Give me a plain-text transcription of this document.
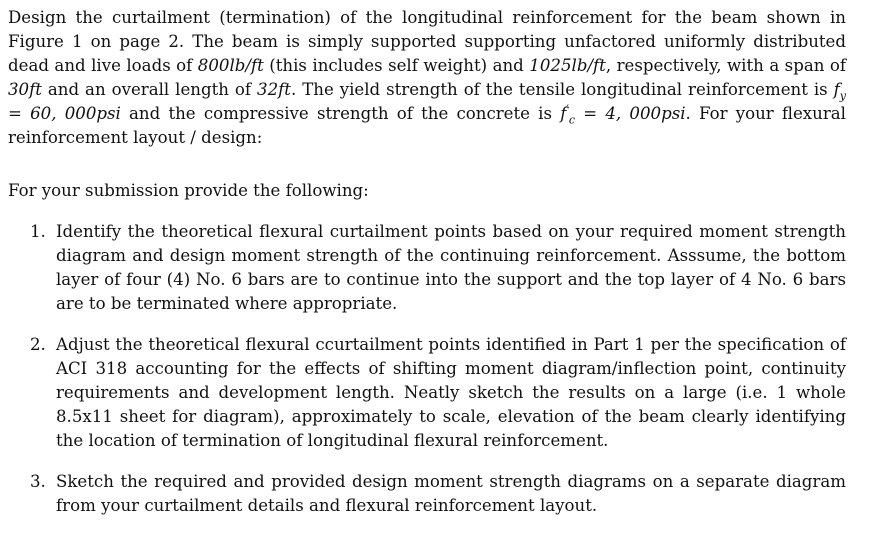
Design the curtailment (termination) of the longitudinal reinforcement for the beam shown in Figure 1 on page 2. The beam is simply supported supporting unfactored uniformly distributed dead and live loads of 800lb/ft (this includes self weight) and 1025lb/ft, respectively, with a span of 30ft and an overall length of 32ft. The yield strength of the tensile longitudinal reinforcement is $f_y = 60$, 000psi and the compressive strength of the concrete is $f'_c = 4$, 000psi. For your flexural reinforcement layout / design:

For your submission provide the following:

1. Identify the theoretical flexural curtailment points based on your required moment strength diagram and design moment strength of the continuing reinforcement. Asssume, the bottom layer of four (4) No. 6 bars are to continue into the support and the top layer of 4 No. 6 bars are to be terminated where appropriate.
2. Adjust the theoretical flexural ccurtailment points identified in Part 1 per the specification of ACI 318 accounting for the effects of shifting moment diagram/inflection point, continuity requirements and development length. Neatly sketch the results on a large (i.e. 1 whole 8.5x11 sheet for diagram), approximately to scale, elevation of the beam clearly identifying the location of termination of longitudinal flexural reinforcement.
3. Sketch the required and provided design moment strength diagrams on a separate diagram from your curtailment details and flexural reinforcement layout.
